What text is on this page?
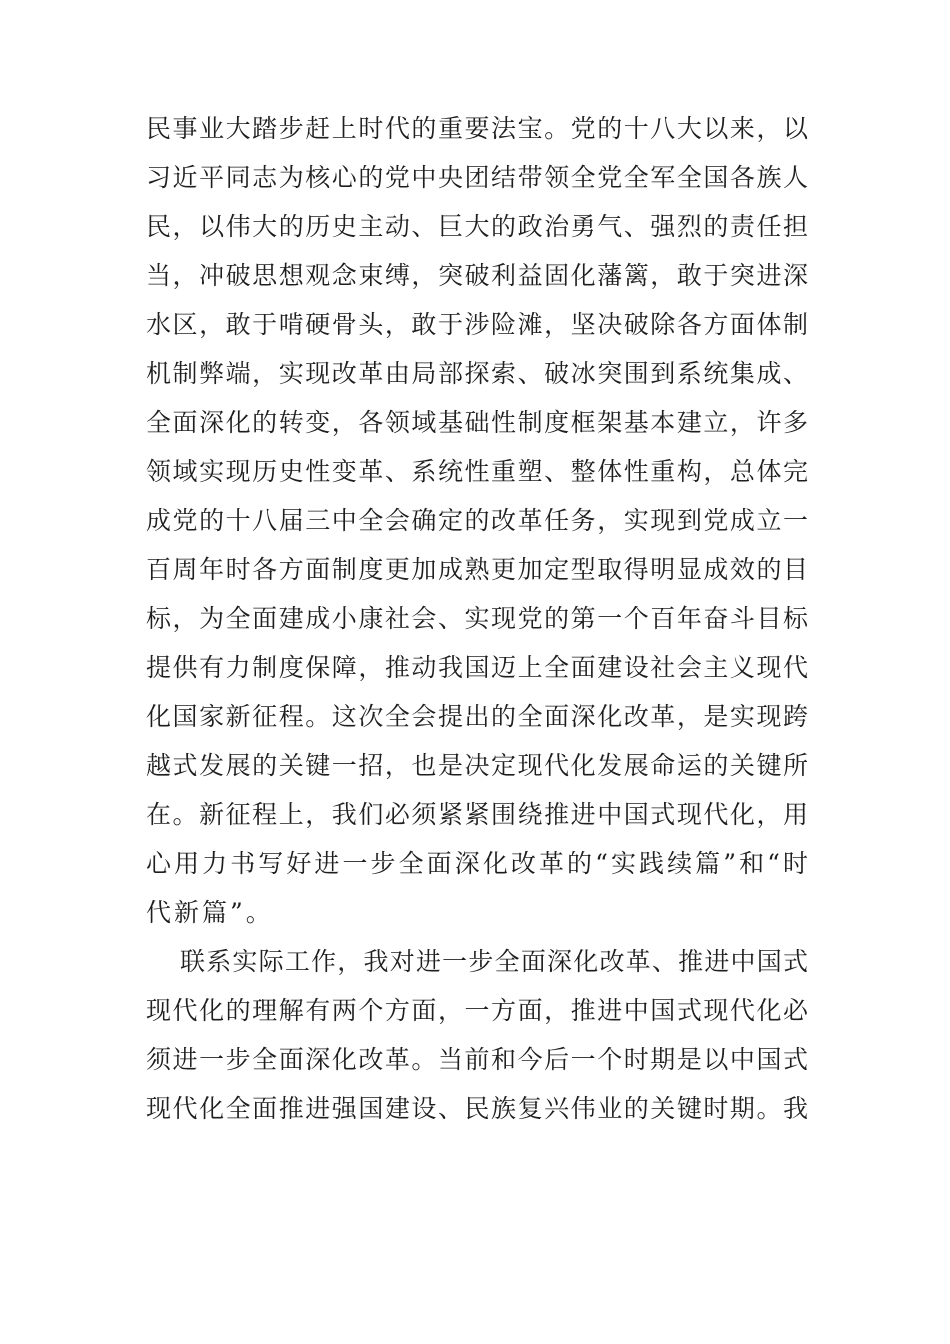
民事业大踏步赶上时代的重要法宝。党的十八大以来，以
习近平同志为核心的党中央团结带领全党全军全国各族人
民，以伟大的历史主动、巨大的政治勇气、强烈的责任担
当，冲破思想观念束缚，突破利益固化藩篱，敢于突进深
水区，敢于啃硬骨头，敢于涉险滩，坚决破除各方面体制
机制弊端，实现改革由局部探索、破冰突围到系统集成、
全面深化的转变，各领域基础性制度框架基本建立，许多
领域实现历史性变革、系统性重塑、整体性重构，总体完
成党的十八届三中全会确定的改革任务，实现到党成立一
百周年时各方面制度更加成熟更加定型取得明显成效的目
标，为全面建成小康社会、实现党的第一个百年奋斗目标
提供有力制度保障，推动我国迈上全面建设社会主义现代
化国家新征程。这次全会提出的全面深化改革，是实现跨
越式发展的关键一招，也是决定现代化发展命运的关键所
在。新征程上，我们必须紧紧围绕推进中国式现代化，用
心用力书写好进一步全面深化改革的“实践续篇”和“时
代新篇”。
联系实际工作，我对进一步全面深化改革、推进中国式
现代化的理解有两个方面，一方面，推进中国式现代化必
须进一步全面深化改革。当前和今后一个时期是以中国式
现代化全面推进强国建设、民族复兴伟业的关键时期。我
